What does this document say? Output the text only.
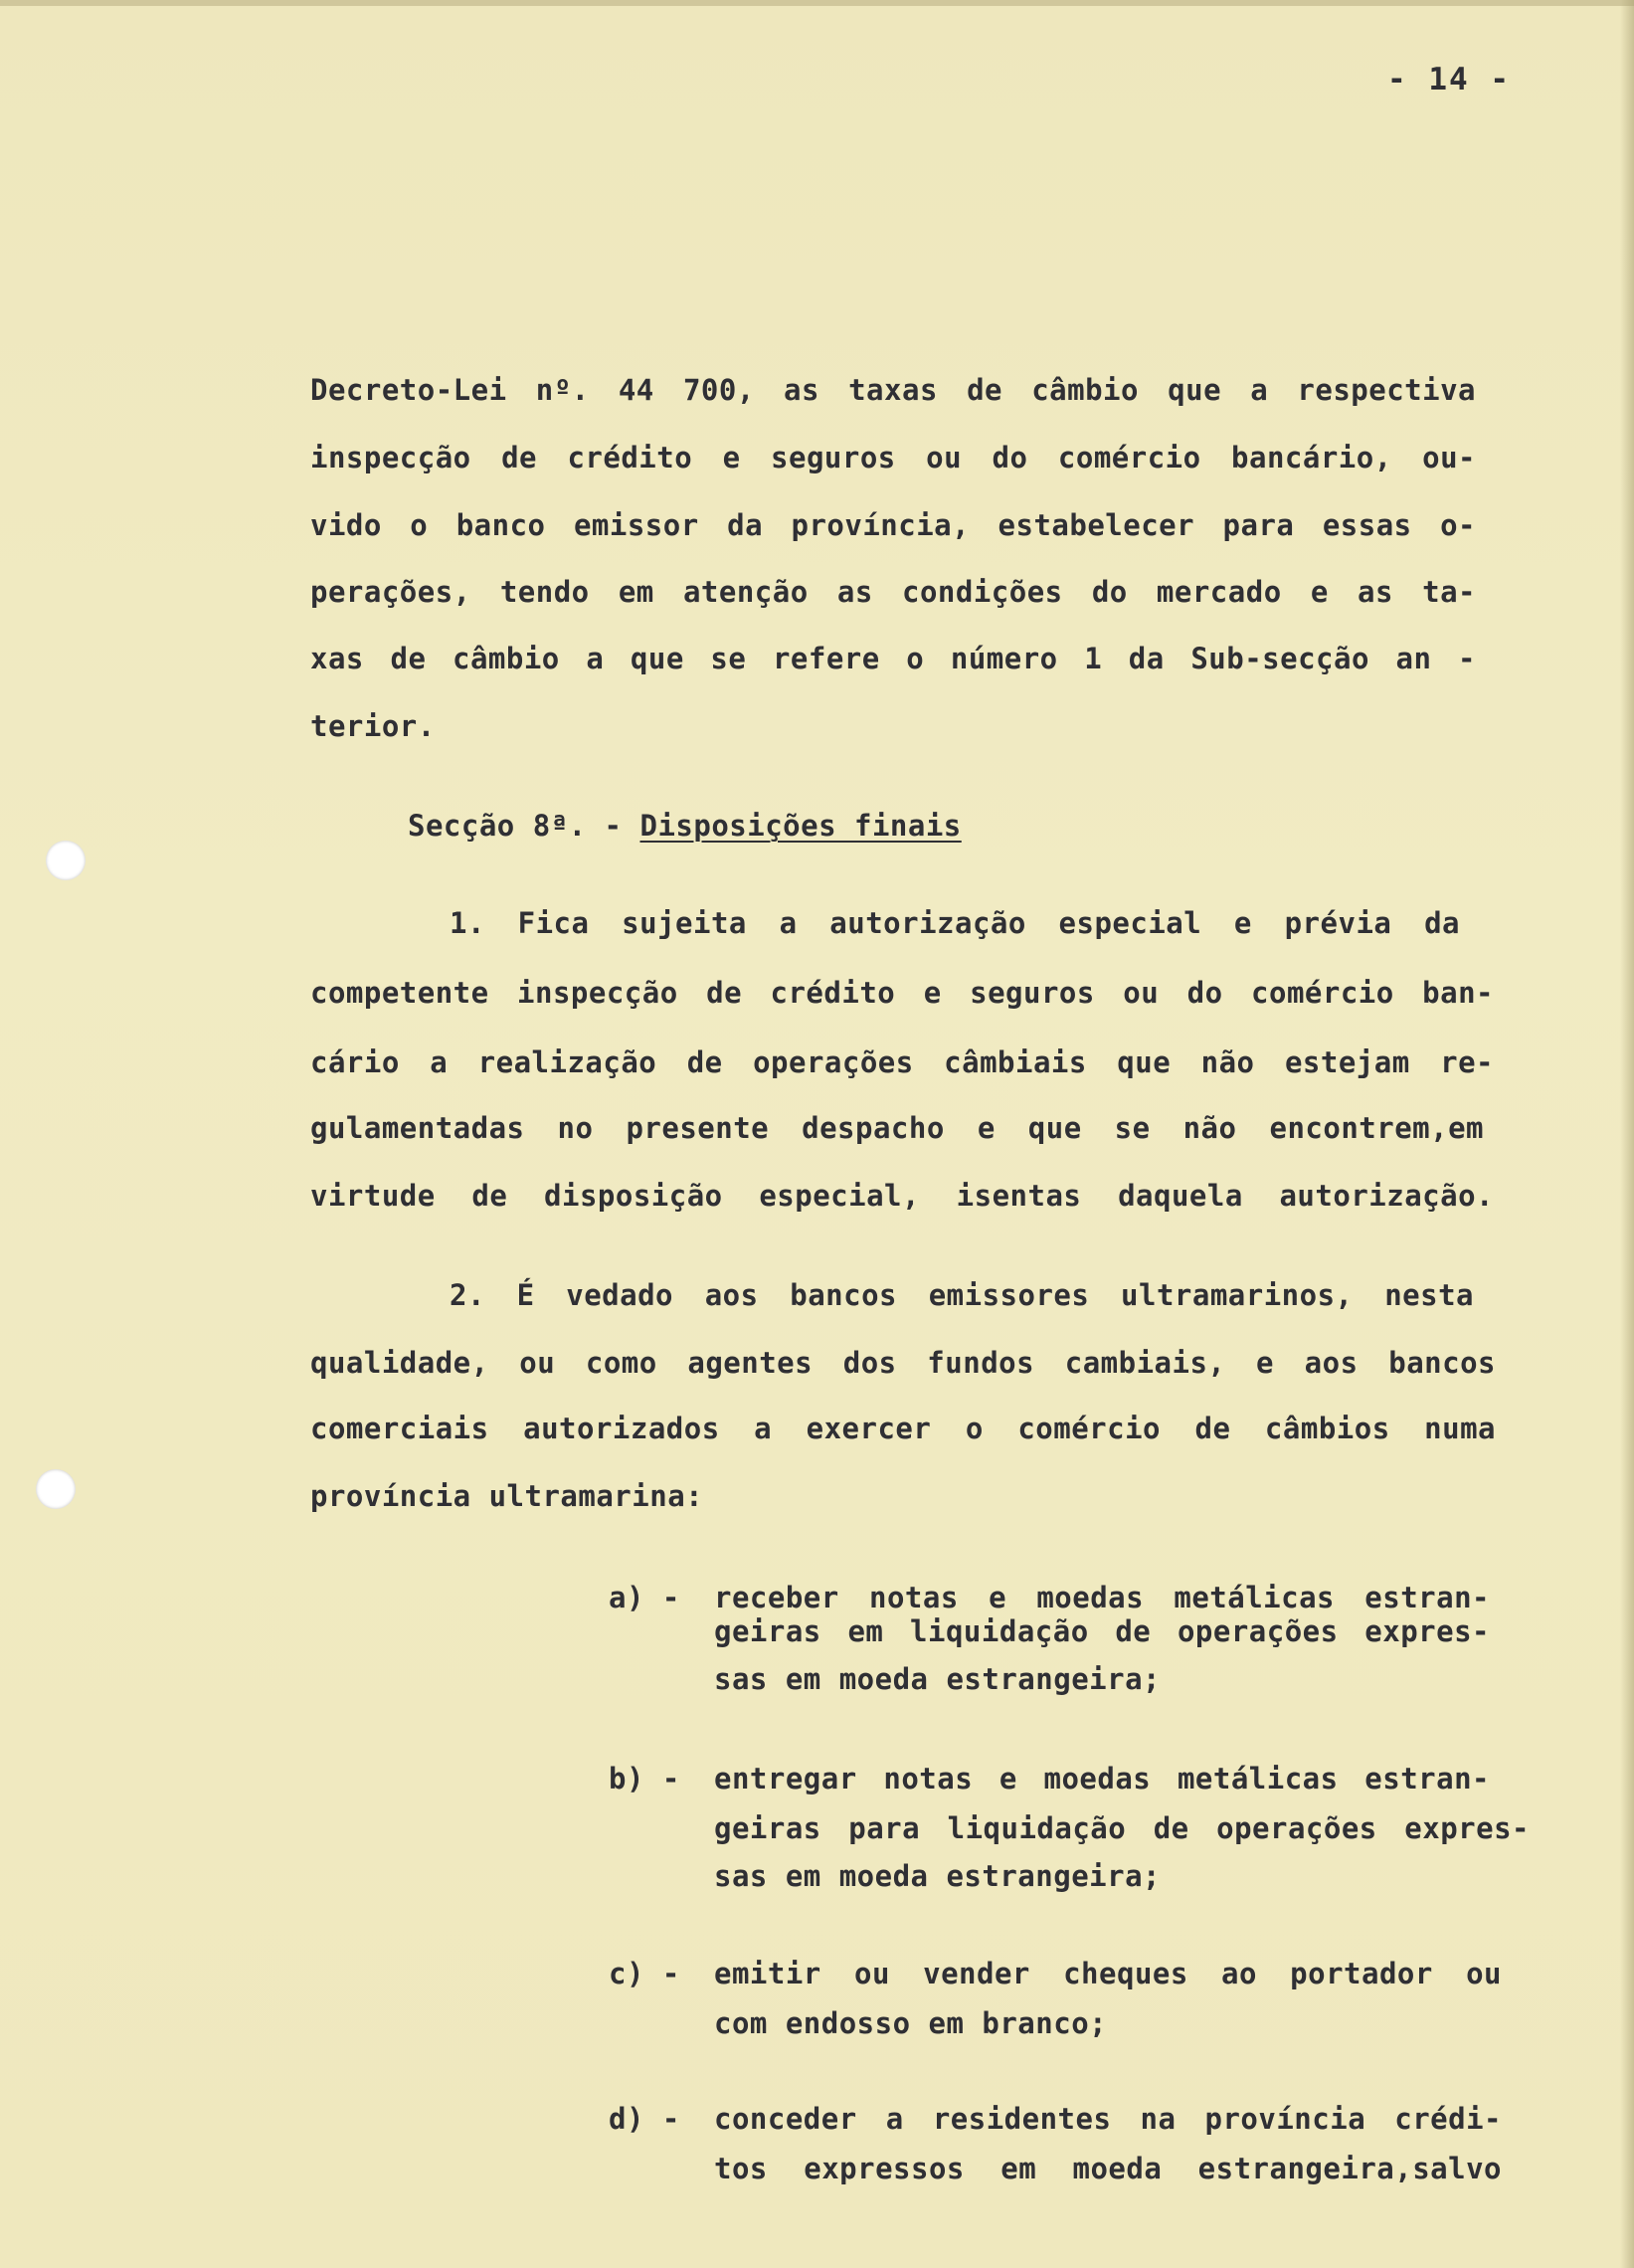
- 14 -
Decreto-Lei nº. 44 700, as taxas de câmbio que a respectiva
inspecção de crédito e seguros ou do comércio bancário, ou-
vido o banco emissor da província, estabelecer para essas o-
perações, tendo em atenção as condições do mercado e as ta-
xas de câmbio a que se refere o número 1 da Sub-secção an -
terior.
Secção 8ª. - Disposições finais
1. Fica sujeita a autorização especial e prévia da
competente inspecção de crédito e seguros ou do comércio ban-
cário a realização de operações câmbiais que não estejam re-
gulamentadas no presente despacho e que se não encontrem,em
virtude de disposição especial, isentas daquela autorização.
2. É vedado aos bancos emissores ultramarinos, nesta
qualidade, ou como agentes dos fundos cambiais, e aos bancos
comerciais autorizados a exercer o comércio de câmbios numa
província ultramarina:
a) - receber notas e moedas metálicas estran-
geiras em liquidação de operações expres-
sas em moeda estrangeira;
b) - entregar notas e moedas metálicas estran-
geiras para liquidação de operações expres-
sas em moeda estrangeira;
c) - emitir ou vender cheques ao portador ou
com endosso em branco;
d) - conceder a residentes na província crédi-
tos expressos em moeda estrangeira,salvo
